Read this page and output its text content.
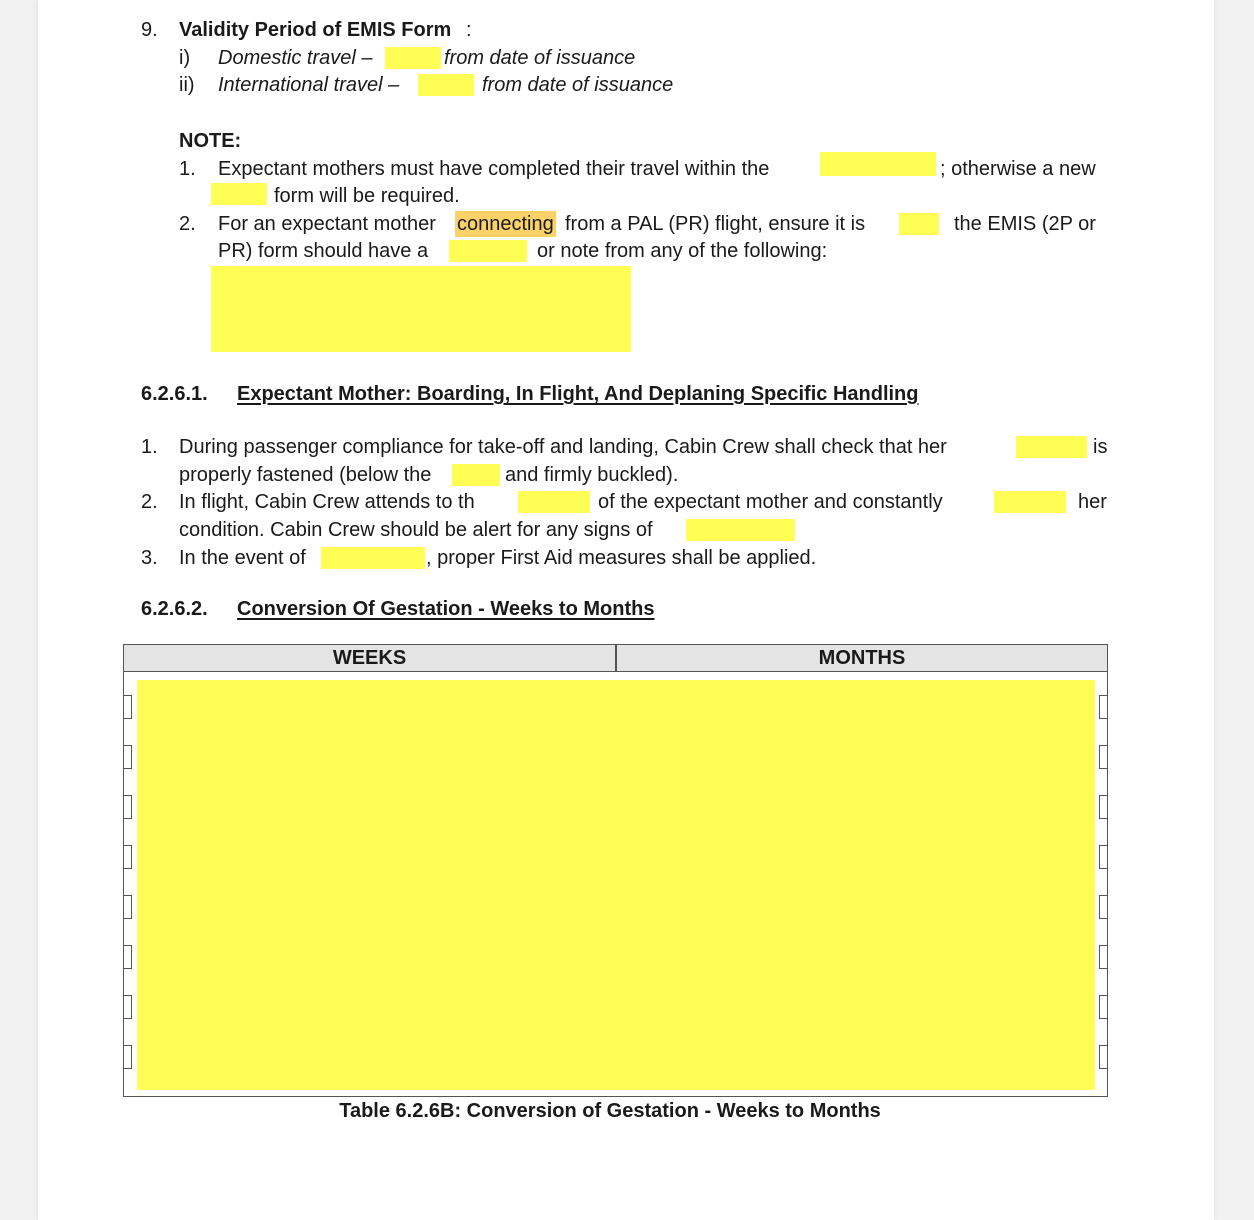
9. Validity Period of EMIS Form :
i) Domestic travel –	from date of issuance
ii) International travel –	from date of issuance
NOTE:
1. Expectant mothers must have completed their travel within the	; otherwise a new
form will be required.
2. For an expectant mother connecting from a PAL (PR) flight, ensure it is	the EMIS (2P or
PR) form should have a	or note from any of the following:
6.2.6.1. Expectant Mother: Boarding, In Flight, And Deplaning Specific Handling
1. During passenger compliance for take-off and landing, Cabin Crew shall check that her	is
properly fastened (below the	and firmly buckled).
2. In flight, Cabin Crew attends to th	of the expectant mother and constantly	her
condition. Cabin Crew should be alert for any signs of
3. In the event of	, proper First Aid measures shall be applied.
6.2.6.2. Conversion Of Gestation - Weeks to Months
WEEKS	MONTHS
Table 6.2.6B: Conversion of Gestation - Weeks to Months
